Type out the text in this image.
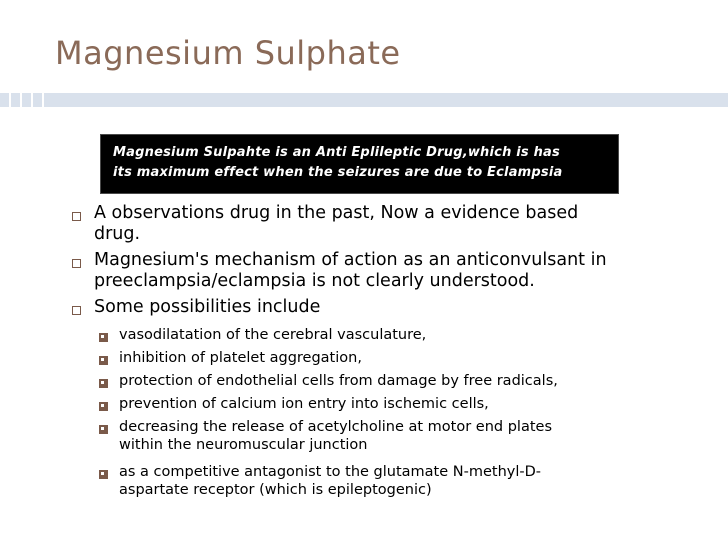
Magnesium Sulphate
Magnesium Sulpahte is an Anti Eplileptic Drug,which is has
its maximum effect when the seizures are due to Eclampsia
A observations drug in the past, Now a evidence based
drug.
Magnesium's mechanism of action as an anticonvulsant in
preeclampsia/eclampsia is not clearly understood.
Some possibilities include
vasodilatation of the cerebral vasculature,
inhibition of platelet aggregation,
protection of endothelial cells from damage by free radicals,
prevention of calcium ion entry into ischemic cells,
decreasing the release of acetylcholine at motor end plates
within the neuromuscular junction
as a competitive antagonist to the glutamate N-methyl-D-
aspartate receptor (which is epileptogenic)
